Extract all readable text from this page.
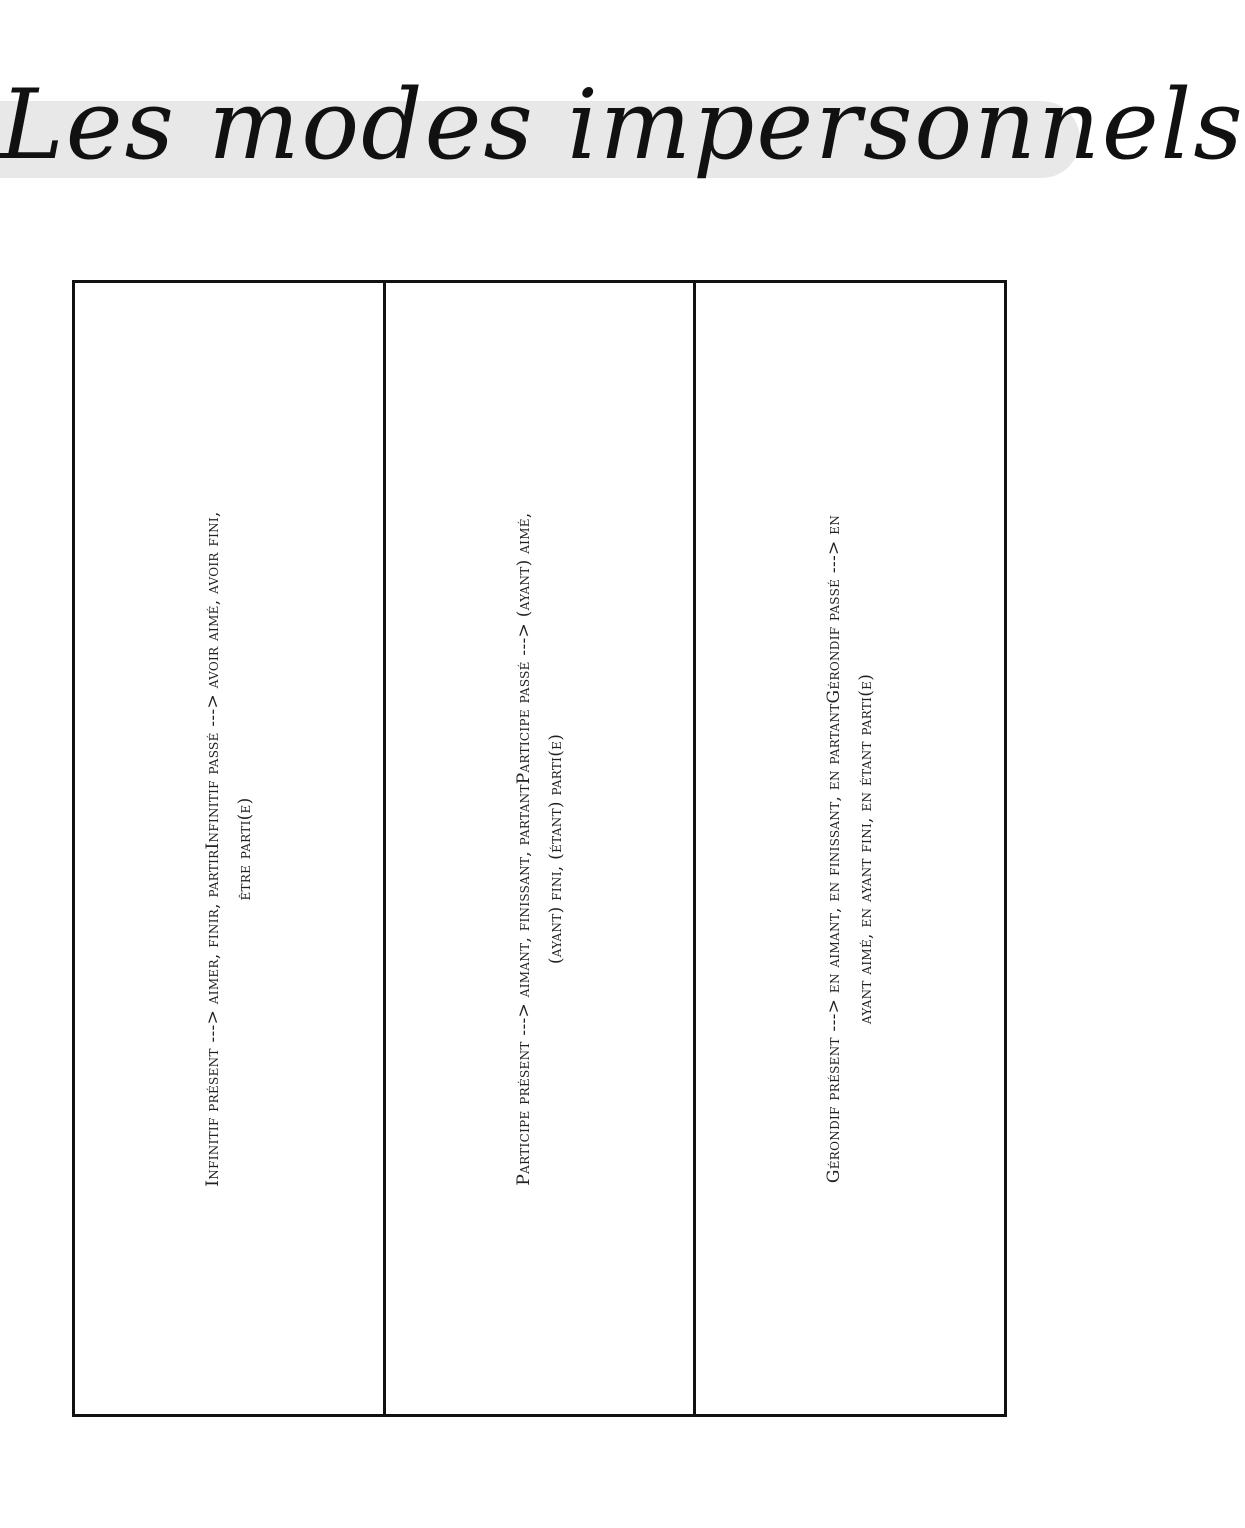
Les modes impersonnels
Infinitif présent ---> aimer, finir, partirInfinitif passé ---> avoir aimé, avoir fini, être parti(e)	Participe présent ---> aimant, finissant, partantParticipe passé ---> (ayant) aimé, (ayant) fini, (étant) parti(e)	Gérondif présent ---> en aimant, en finissant, en partantGérondif passé ---> en ayant aimé, en ayant fini, en étant parti(e)
